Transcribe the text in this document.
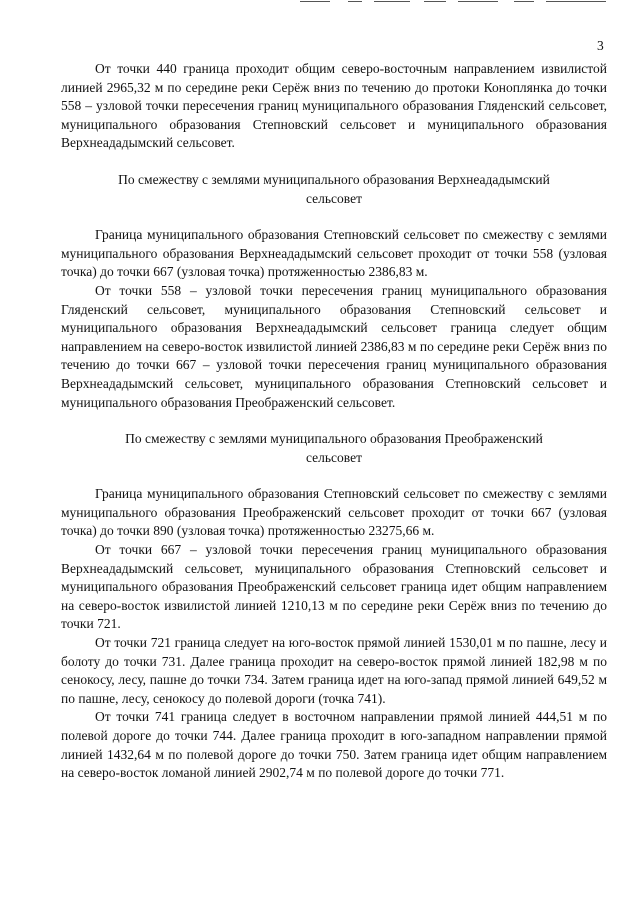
3

От точки 440 граница проходит общим северо-восточным направлением извилистой линией 2965,32 м по середине реки Серёж вниз по течению до протоки Коноплянка до точки 558 – узловой точки пересечения границ муниципального образования Гляденский сельсовет, муниципального образования Степновский сельсовет и муниципального образования Верхнеададымский сельсовет.

По смежеству с землями муниципального образования Верхнеададымский сельсовет

Граница муниципального образования Степновский сельсовет по смежеству с землями муниципального образования Верхнеададымский сельсовет проходит от точки 558 (узловая точка) до точки 667 (узловая точка) протяженностью 2386,83 м.

От точки 558 – узловой точки пересечения границ муниципального образования Гляденский сельсовет, муниципального образования Степновский сельсовет и муниципального образования Верхнеададымский сельсовет граница следует общим направлением на северо-восток извилистой линией 2386,83 м по середине реки Серёж вниз по течению до точки 667 – узловой точки пересечения границ муниципального образования Верхнеададымский сельсовет, муниципального образования Степновский сельсовет и муниципального образования Преображенский сельсовет.

По смежеству с землями муниципального образования Преображенский сельсовет

Граница муниципального образования Степновский сельсовет по смежеству с землями муниципального образования Преображенский сельсовет проходит от точки 667 (узловая точка) до точки 890 (узловая точка) протяженностью 23275,66 м.

От точки 667 – узловой точки пересечения границ муниципального образования Верхнеададымский сельсовет, муниципального образования Степновский сельсовет и муниципального образования Преображенский сельсовет граница идет общим направлением на северо-восток извилистой линией 1210,13 м по середине реки Серёж вниз по течению до точки 721.

От точки 721 граница следует на юго-восток прямой линией 1530,01 м по пашне, лесу и болоту до точки 731. Далее граница проходит на северо-восток прямой линией 182,98 м по сенокосу, лесу, пашне до точки 734. Затем граница идет на юго-запад прямой линией 649,52 м по пашне, лесу, сенокосу до полевой дороги (точка 741).

От точки 741 граница следует в восточном направлении прямой линией 444,51 м по полевой дороге до точки 744. Далее граница проходит в юго-западном направлении прямой линией 1432,64 м по полевой дороге до точки 750. Затем граница идет общим направлением на северо-восток ломаной линией 2902,74 м по полевой дороге до точки 771.
